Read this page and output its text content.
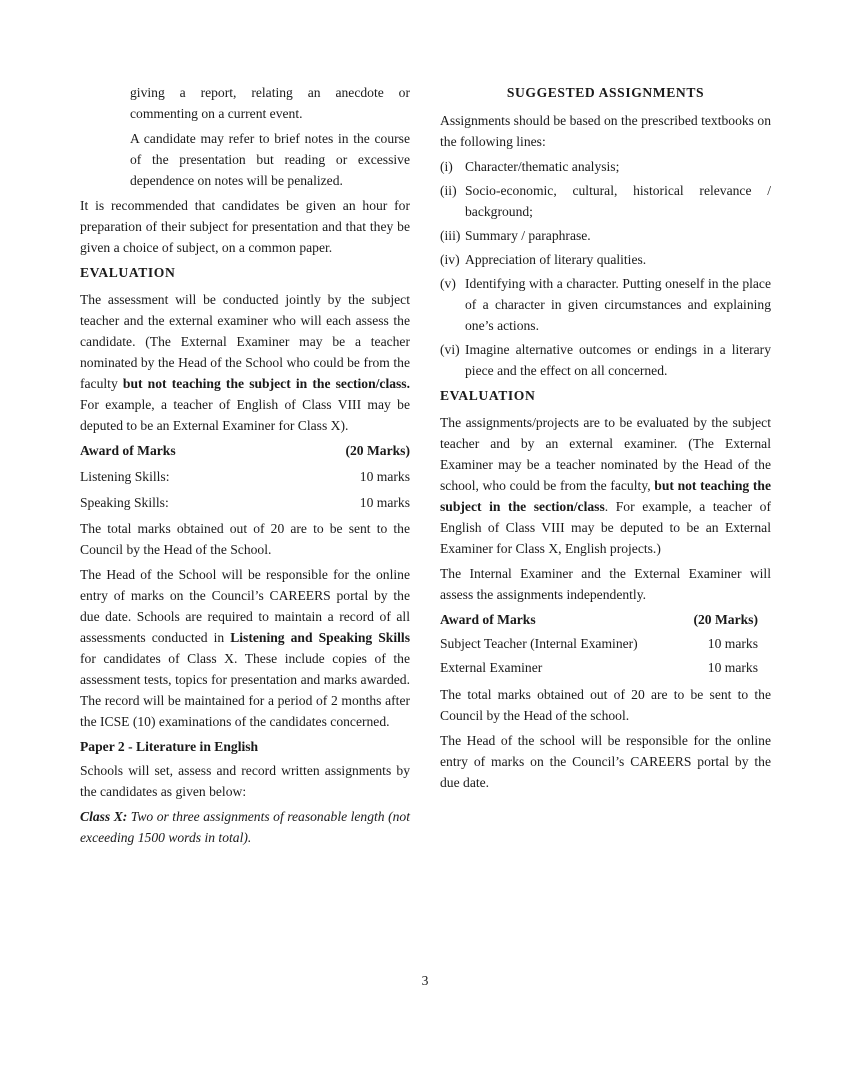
giving a report, relating an anecdote or commenting on a current event.

A candidate may refer to brief notes in the course of the presentation but reading or excessive dependence on notes will be penalized.

It is recommended that candidates be given an hour for preparation of their subject for presentation and that they be given a choice of subject, on a common paper.

EVALUATION

The assessment will be conducted jointly by the subject teacher and the external examiner who will each assess the candidate. (The External Examiner may be a teacher nominated by the Head of the School who could be from the faculty but not teaching the subject in the section/class. For example, a teacher of English of Class VIII may be deputed to be an External Examiner for Class X).

Award of Marks	(20 Marks)
Listening Skills:	10 marks
Speaking Skills:	10 marks

The total marks obtained out of 20 are to be sent to the Council by the Head of the School.

The Head of the School will be responsible for the online entry of marks on the Council’s CAREERS portal by the due date. Schools are required to maintain a record of all assessments conducted in Listening and Speaking Skills for candidates of Class X. These include copies of the assessment tests, topics for presentation and marks awarded. The record will be maintained for a period of 2 months after the ICSE (10) examinations of the candidates concerned.

Paper 2 - Literature in English

Schools will set, assess and record written assignments by the candidates as given below:

Class X: Two or three assignments of reasonable length (not exceeding 1500 words in total).

SUGGESTED ASSIGNMENTS

Assignments should be based on the prescribed textbooks on the following lines:

(i) Character/thematic analysis;
(ii) Socio-economic, cultural, historical relevance / background;
(iii) Summary / paraphrase.
(iv) Appreciation of literary qualities.
(v) Identifying with a character. Putting oneself in the place of a character in given circumstances and explaining one’s actions.
(vi) Imagine alternative outcomes or endings in a literary piece and the effect on all concerned.
EVALUATION

The assignments/projects are to be evaluated by the subject teacher and by an external examiner. (The External Examiner may be a teacher nominated by the Head of the school, who could be from the faculty, but not teaching the subject in the section/class. For example, a teacher of English of Class VIII may be deputed to be an External Examiner for Class X, English projects.)

The Internal Examiner and the External Examiner will assess the assignments independently.

Award of Marks	(20 Marks)
Subject Teacher (Internal Examiner)	10 marks
External Examiner	10 marks

The total marks obtained out of 20 are to be sent to the Council by the Head of the school.

The Head of the school will be responsible for the online entry of marks on the Council’s CAREERS portal by the due date.

3
